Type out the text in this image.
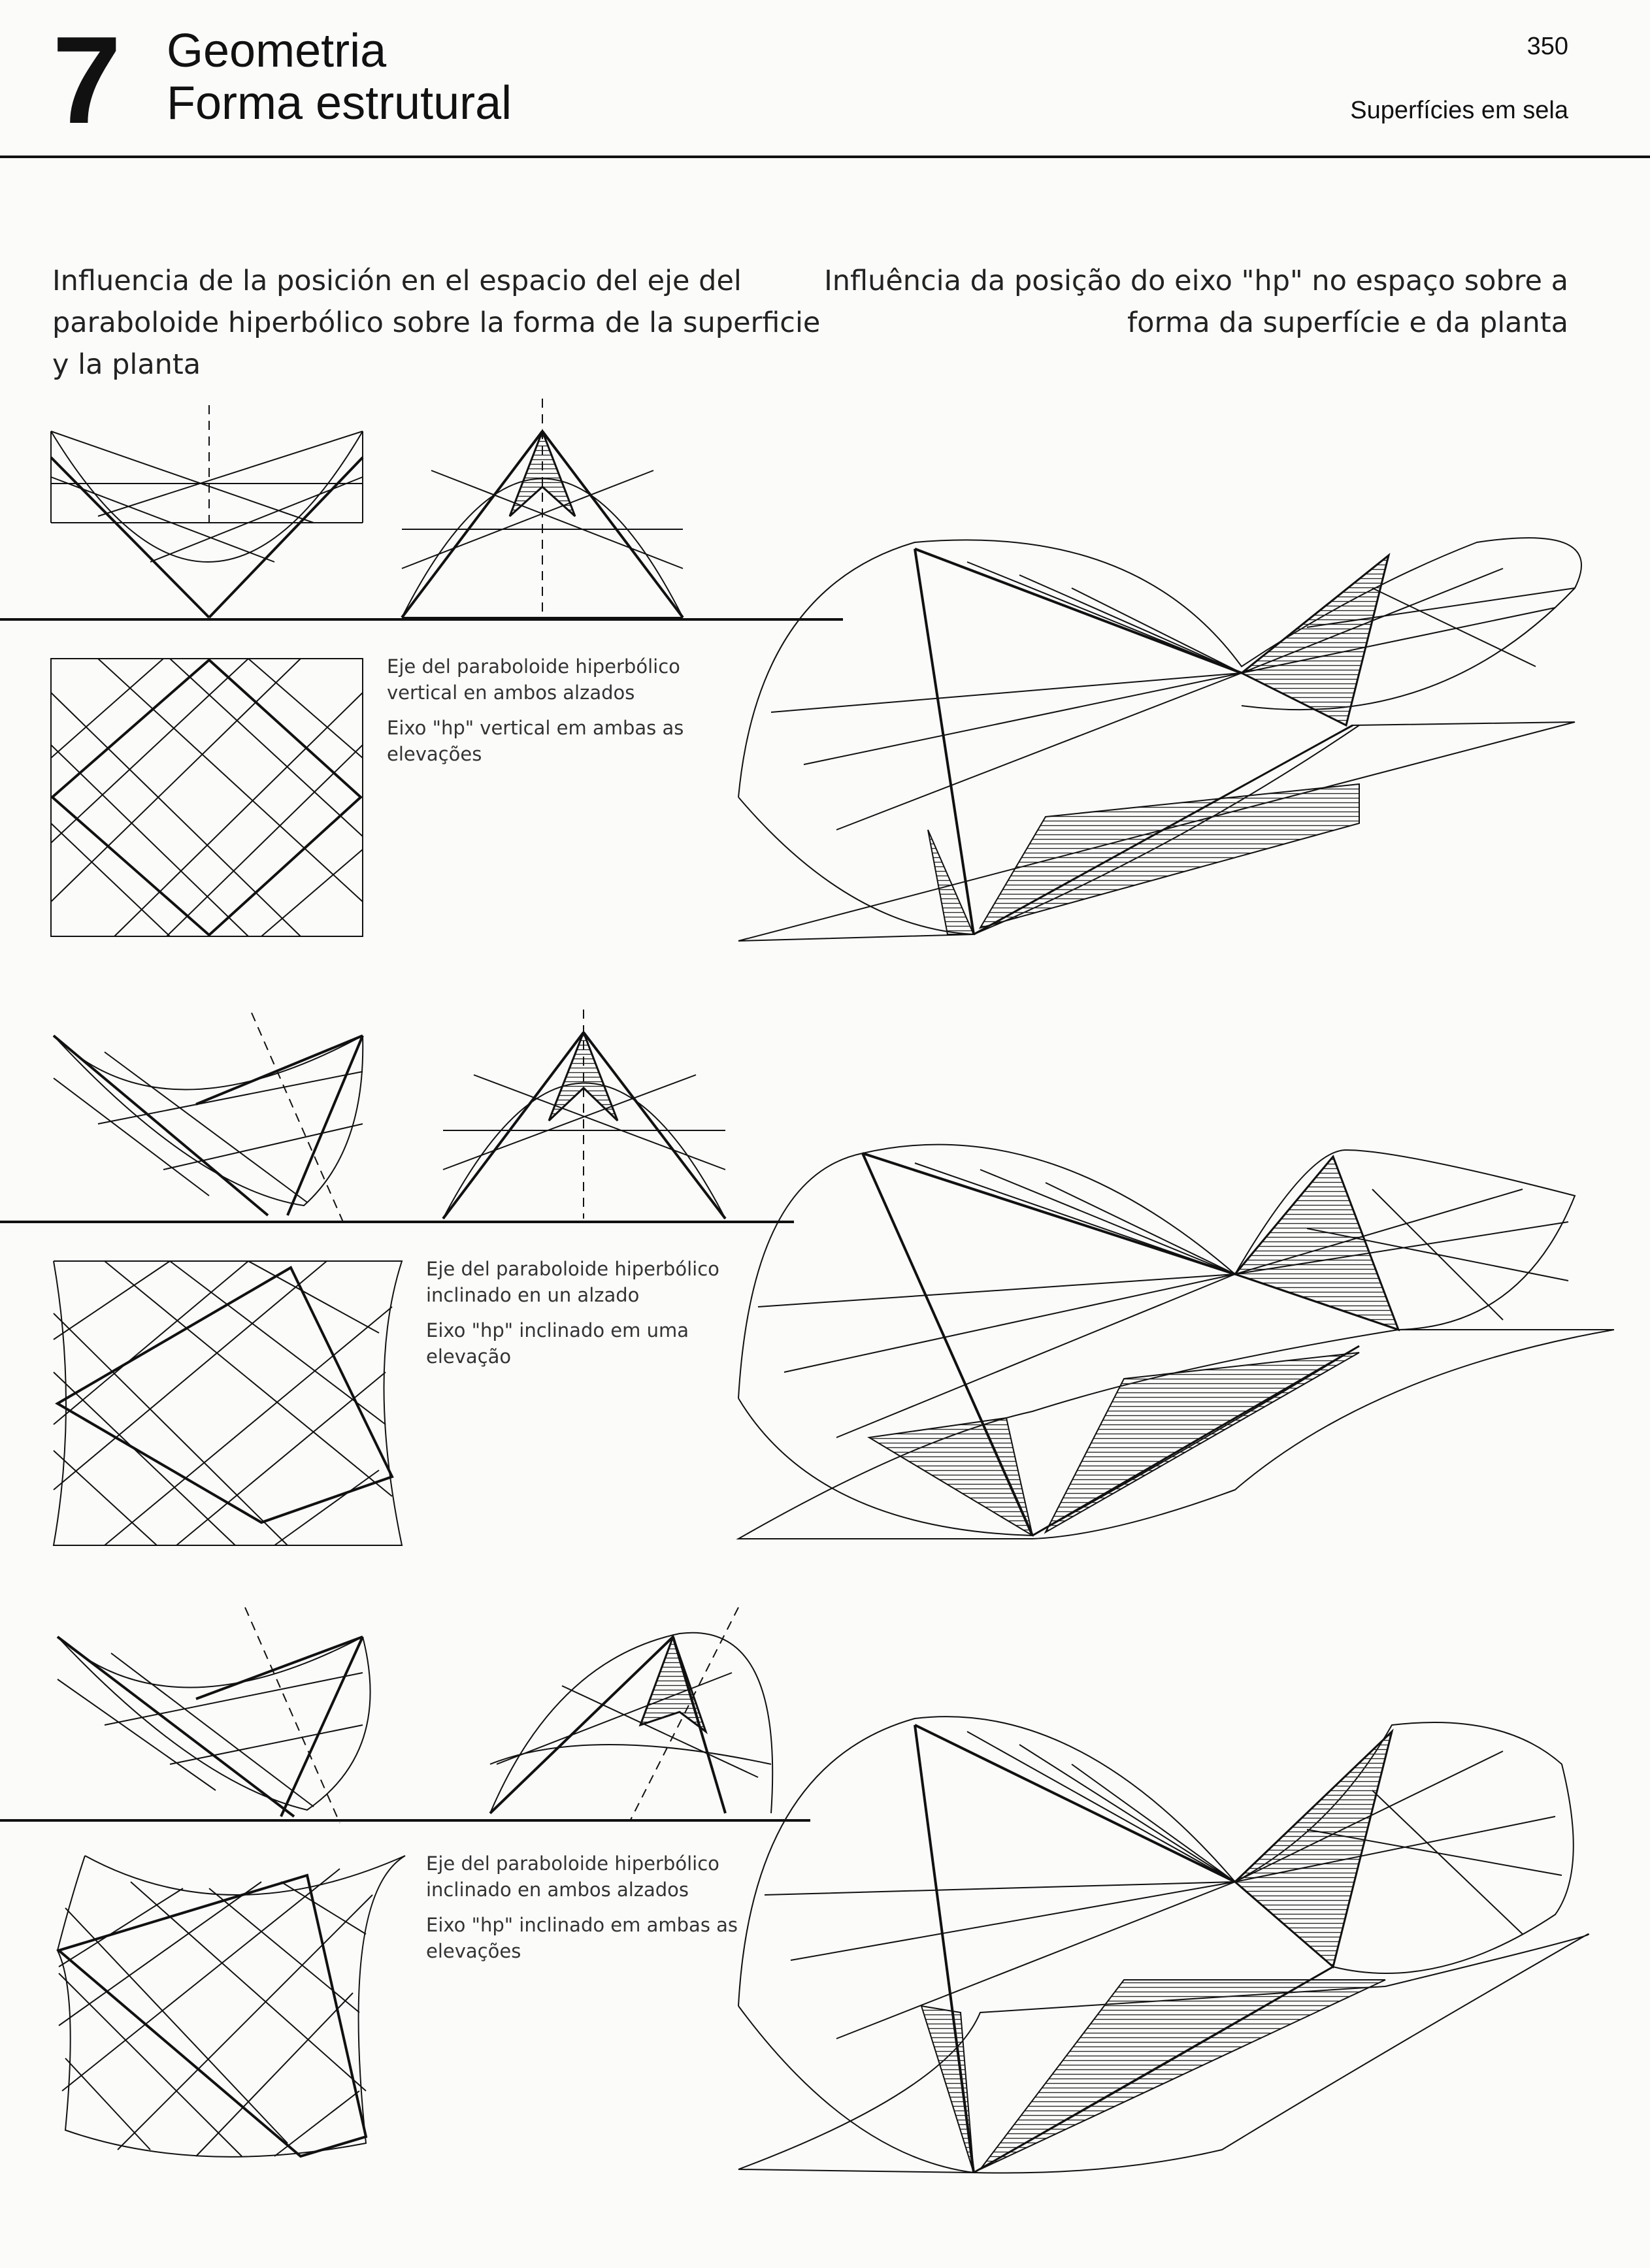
7 Geometria
Forma estrutural
350
Superfícies em sela
Influencia de la posición en el espacio del eje del paraboloide hiperbólico sobre la forma de la superficie y la planta
Influência da posição do eixo "hp" no espaço sobre a forma da superfície e da planta
Eje del paraboloide hiperbólico vertical en ambos alzados
Eixo "hp" vertical em ambas as elevações
Eje del paraboloide hiperbólico inclinado en un alzado
Eixo "hp" inclinado em uma elevação
Eje del paraboloide hiperbólico inclinado en ambos alzados
Eixo "hp" inclinado em ambas as elevações
